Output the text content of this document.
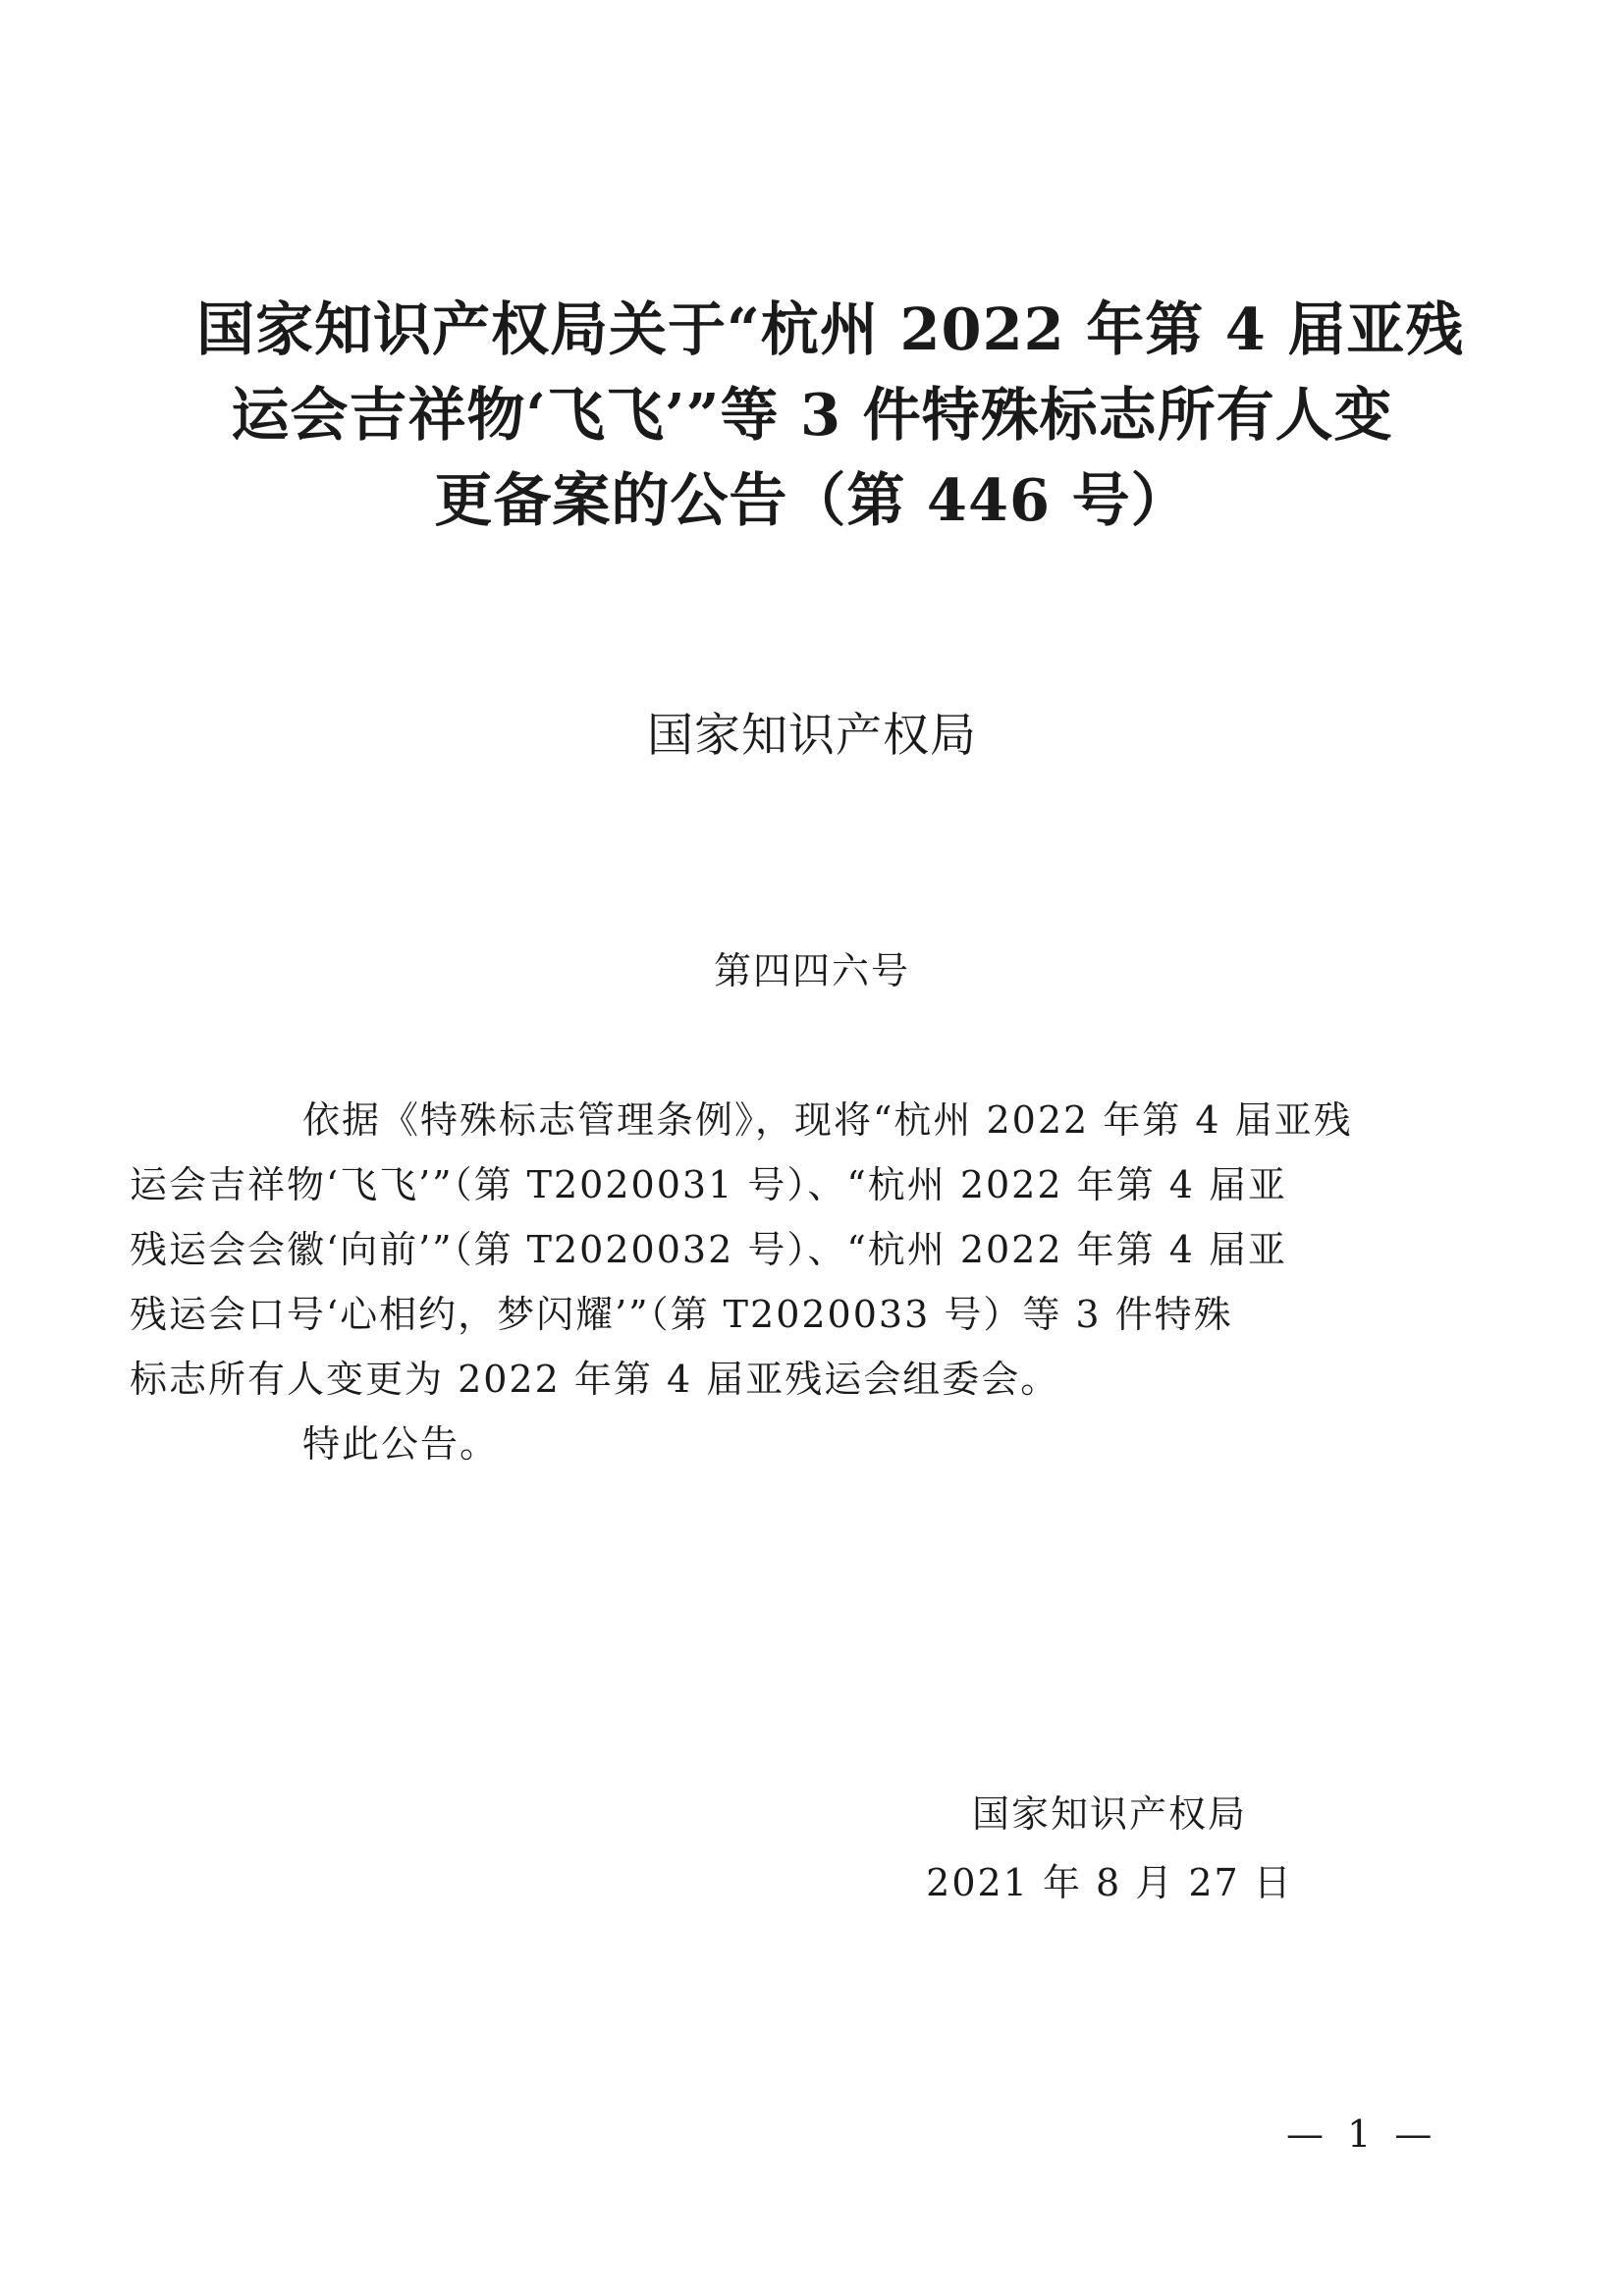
国家知识产权局关于“杭州 2022 年第 4 届亚残
运会吉祥物‘飞飞’”等 3 件特殊标志所有人变
更备案的公告（第 446 号）
国家知识产权局
第四四六号

依据《特殊标志管理条例》，现将“杭州 2022 年第 4 届亚残
运会吉祥物‘飞飞’”（第 T2020031 号）、“杭州 2022 年第 4 届亚
残运会会徽‘向前’”（第 T2020032 号）、“杭州 2022 年第 4 届亚
残运会口号‘心相约，梦闪耀’”（第 T2020033 号）等 3 件特殊
标志所有人变更为 2022 年第 4 届亚残运会组委会。

特此公告。

国家知识产权局
2021 年 8 月 27 日
— 1 —
